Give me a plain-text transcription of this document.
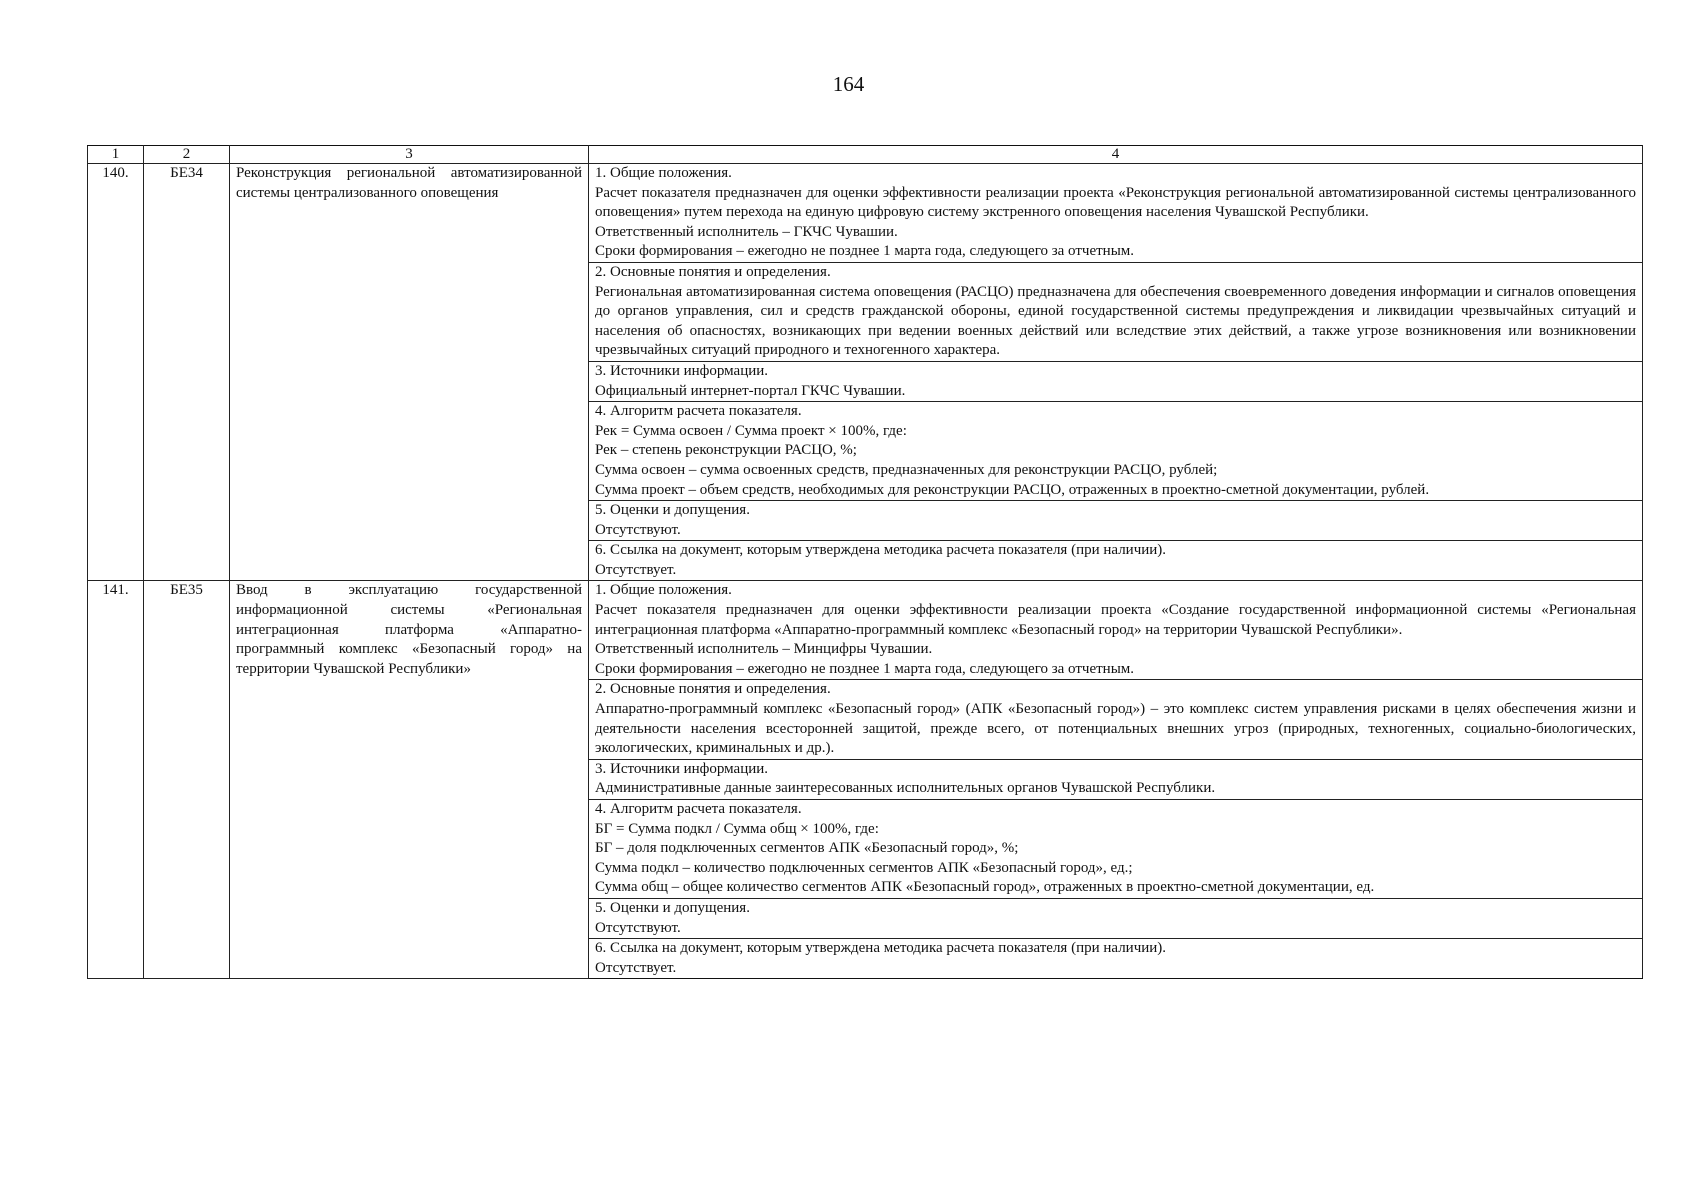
164
1	2	3	4
140.	БЕ34	Реконструкция региональной автоматизированной системы централизованного оповещения	1. Общие положения.
Расчет показателя предназначен для оценки эффективности реализации проекта «Реконструкция региональной автоматизированной системы централизованного оповещения» путем перехода на единую цифровую систему экстренного оповещения населения Чувашской Республики.
Ответственный исполнитель – ГКЧС Чувашии.
Сроки формирования – ежегодно не позднее 1 марта года, следующего за отчетным.

			2. Основные понятия и определения.
Региональная автоматизированная система оповещения (РАСЦО) предназначена для обеспечения своевременного доведения информации и сигналов оповещения до органов управления, сил и средств гражданской обороны, единой государственной системы предупреждения и ликвидации чрезвычайных ситуаций и населения об опасностях, возникающих при ведении военных действий или вследствие этих действий, а также угрозе возникновения или возникновении чрезвычайных ситуаций природного и техногенного характера.

			3. Источники информации.
Официальный интернет-портал ГКЧС Чувашии.

			4. Алгоритм расчета показателя.
Рек = Сумма освоен / Сумма проект × 100%, где:
Рек – степень реконструкции РАСЦО, %;
Сумма освоен – сумма освоенных средств, предназначенных для реконструкции РАСЦО, рублей;
Сумма проект – объем средств, необходимых для реконструкции РАСЦО, отраженных в проектно-сметной документации, рублей.

			5. Оценки и допущения.
Отсутствуют.

			6. Ссылка на документ, которым утверждена методика расчета показателя (при наличии).
Отсутствует.

141.	БЕ35	Ввод в эксплуатацию государственной информационной системы «Региональная интеграционная платформа «Аппаратно-программный комплекс «Безопасный город» на территории Чувашской Республики»	1. Общие положения.
Расчет показателя предназначен для оценки эффективности реализации проекта «Создание государственной информационной системы «Региональная интеграционная платформа «Аппаратно-программный комплекс «Безопасный город» на территории Чувашской Республики».
Ответственный исполнитель – Минцифры Чувашии.
Сроки формирования – ежегодно не позднее 1 марта года, следующего за отчетным.

			2. Основные понятия и определения.
Аппаратно-программный комплекс «Безопасный город» (АПК «Безопасный город») – это комплекс систем управления рисками в целях обеспечения жизни и деятельности населения всесторонней защитой, прежде всего, от потенциальных внешних угроз (природных, техногенных, социально-биологических, экологических, криминальных и др.).

			3. Источники информации.
Административные данные заинтересованных исполнительных органов Чувашской Республики.

			4. Алгоритм расчета показателя.
БГ = Сумма подкл / Сумма общ × 100%, где:
БГ – доля подключенных сегментов АПК «Безопасный город», %;
Сумма подкл – количество подключенных сегментов АПК «Безопасный город», ед.;
Сумма общ – общее количество сегментов АПК «Безопасный город», отраженных в проектно-сметной документации, ед.

			5. Оценки и допущения.
Отсутствуют.

			6. Ссылка на документ, которым утверждена методика расчета показателя (при наличии).
Отсутствует.
